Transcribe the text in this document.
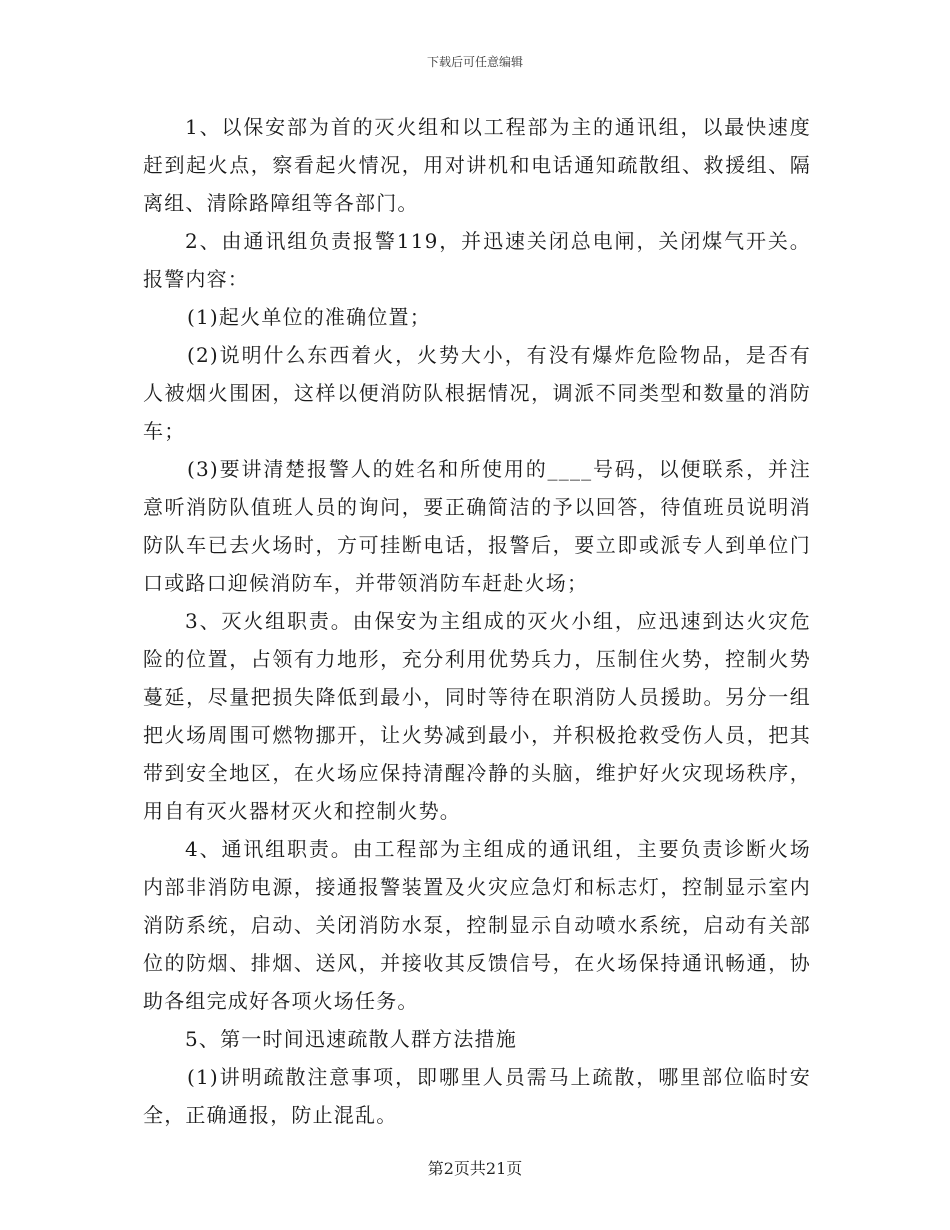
下载后可任意编辑

1、以保安部为首的灭火组和以工程部为主的通讯组，以最快速度赶到起火点，察看起火情况，用对讲机和电话通知疏散组、救援组、隔离组、清除路障组等各部门。

2、由通讯组负责报警119，并迅速关闭总电闸，关闭煤气开关。报警内容：

(1)起火单位的准确位置；

(2)说明什么东西着火，火势大小，有没有爆炸危险物品，是否有人被烟火围困，这样以便消防队根据情况，调派不同类型和数量的消防车；

(3)要讲清楚报警人的姓名和所使用的____号码，以便联系，并注意听消防队值班人员的询问，要正确简洁的予以回答，待值班员说明消防队车已去火场时，方可挂断电话，报警后，要立即或派专人到单位门口或路口迎候消防车，并带领消防车赶赴火场；

3、灭火组职责。由保安为主组成的灭火小组，应迅速到达火灾危险的位置，占领有力地形，充分利用优势兵力，压制住火势，控制火势蔓延，尽量把损失降低到最小，同时等待在职消防人员援助。另分一组把火场周围可燃物挪开，让火势减到最小，并积极抢救受伤人员，把其带到安全地区，在火场应保持清醒冷静的头脑，维护好火灾现场秩序，用自有灭火器材灭火和控制火势。

4、通讯组职责。由工程部为主组成的通讯组，主要负责诊断火场内部非消防电源，接通报警装置及火灾应急灯和标志灯，控制显示室内消防系统，启动、关闭消防水泵，控制显示自动喷水系统，启动有关部位的防烟、排烟、送风，并接收其反馈信号，在火场保持通讯畅通，协助各组完成好各项火场任务。

5、第一时间迅速疏散人群方法措施

(1)讲明疏散注意事项，即哪里人员需马上疏散，哪里部位临时安全，正确通报，防止混乱。

第2页共21页
